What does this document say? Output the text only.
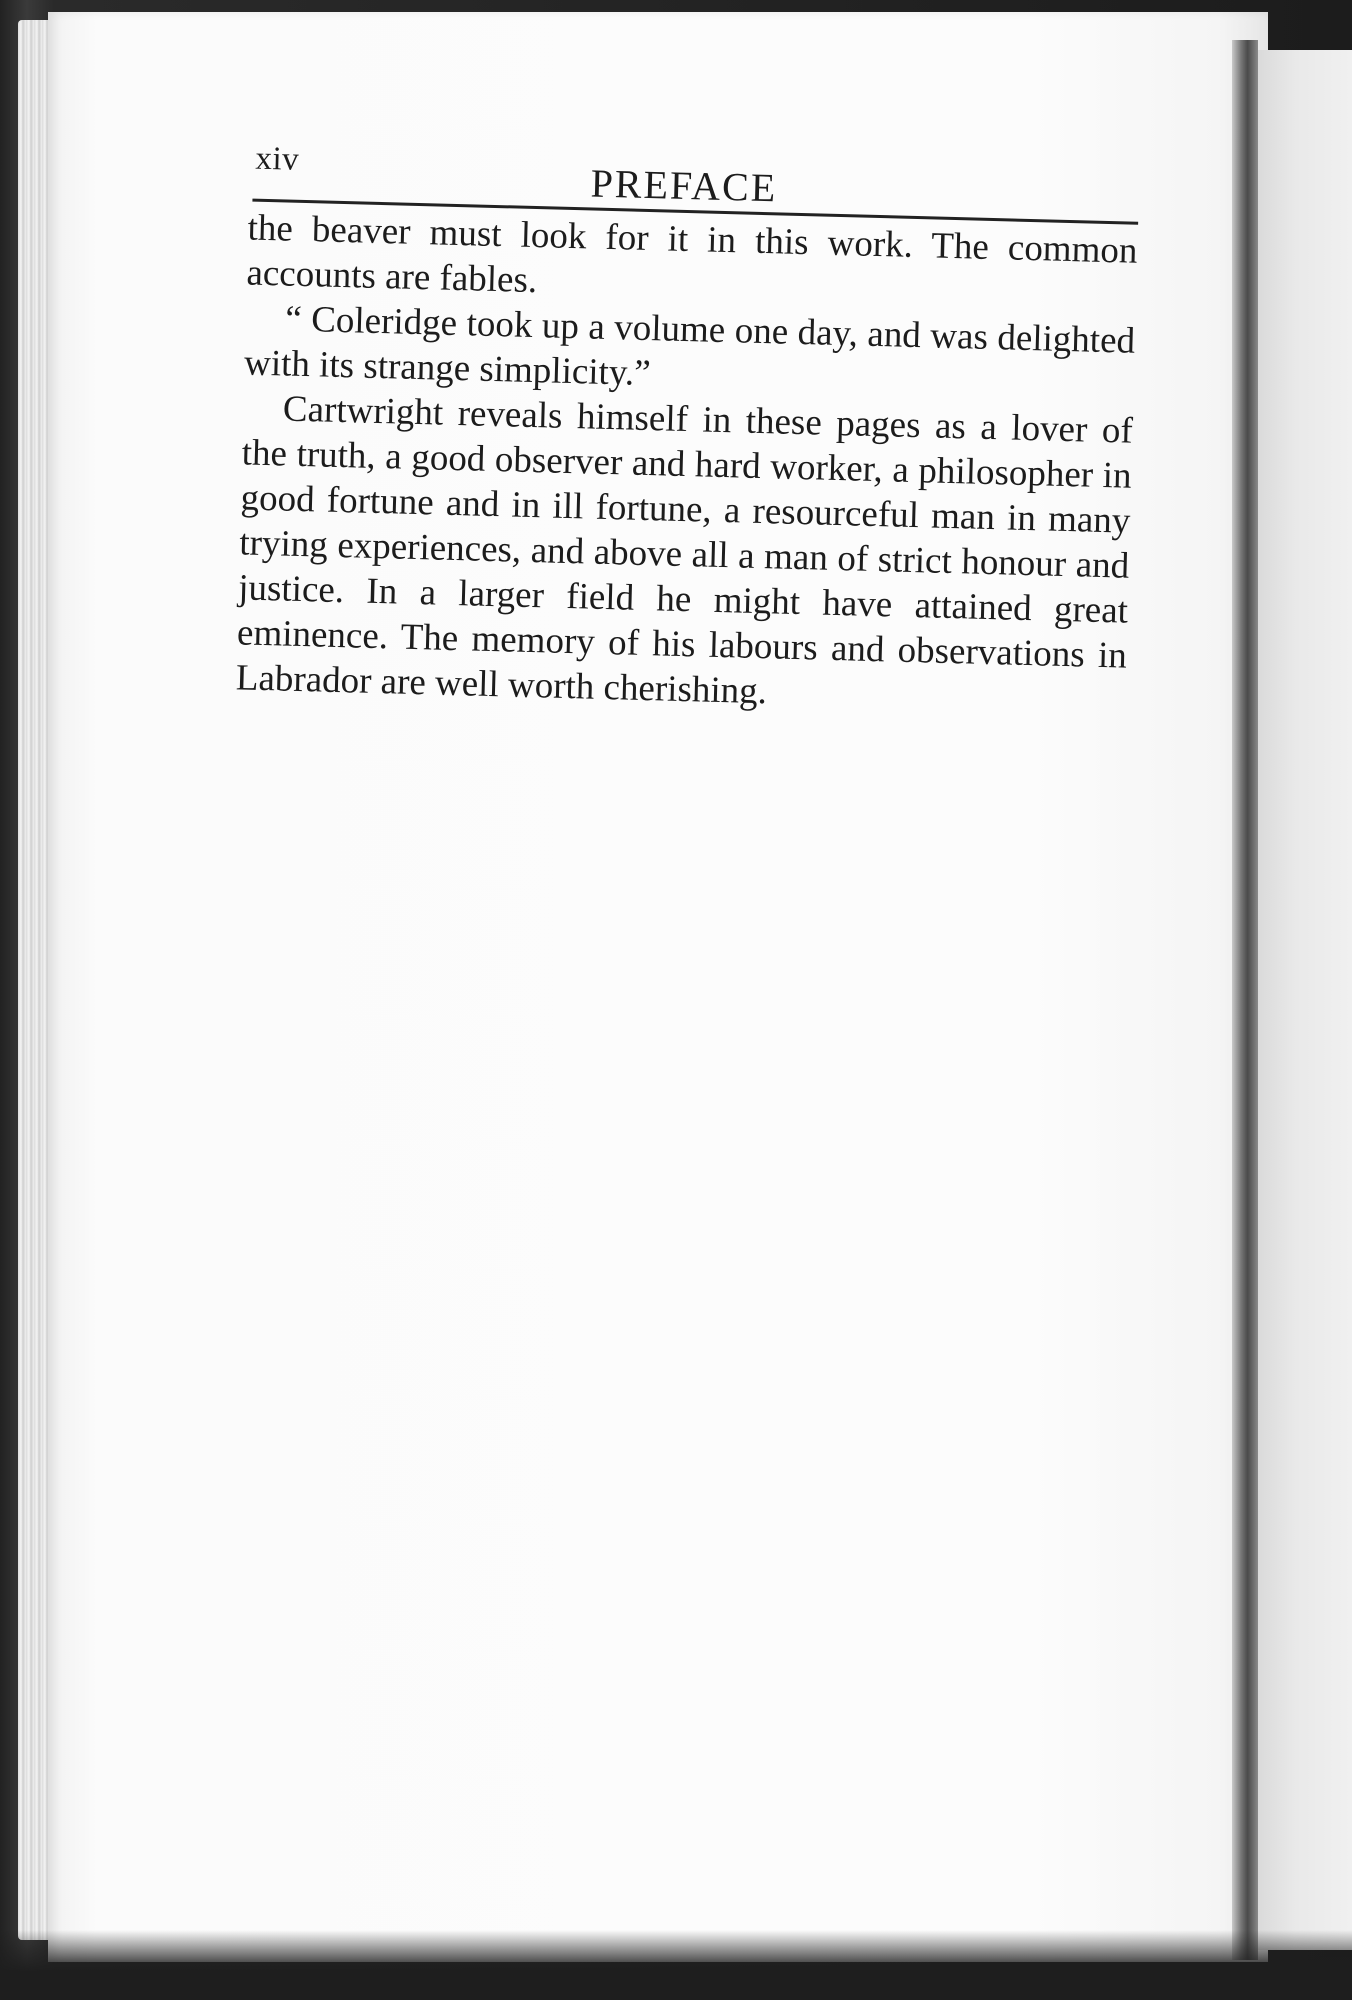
xiv
PREFACE

the beaver must look for it in this work. The common accounts are fables.

“ Coleridge took up a volume one day, and was delighted with its strange simplicity.”

Cartwright reveals himself in these pages as a lover of the truth, a good observer and hard worker, a philosopher in good fortune and in ill fortune, a resourceful man in many trying experiences, and above all a man of strict honour and justice. In a larger field he might have attained great eminence. The memory of his labours and observations in Labrador are well worth cherishing.
